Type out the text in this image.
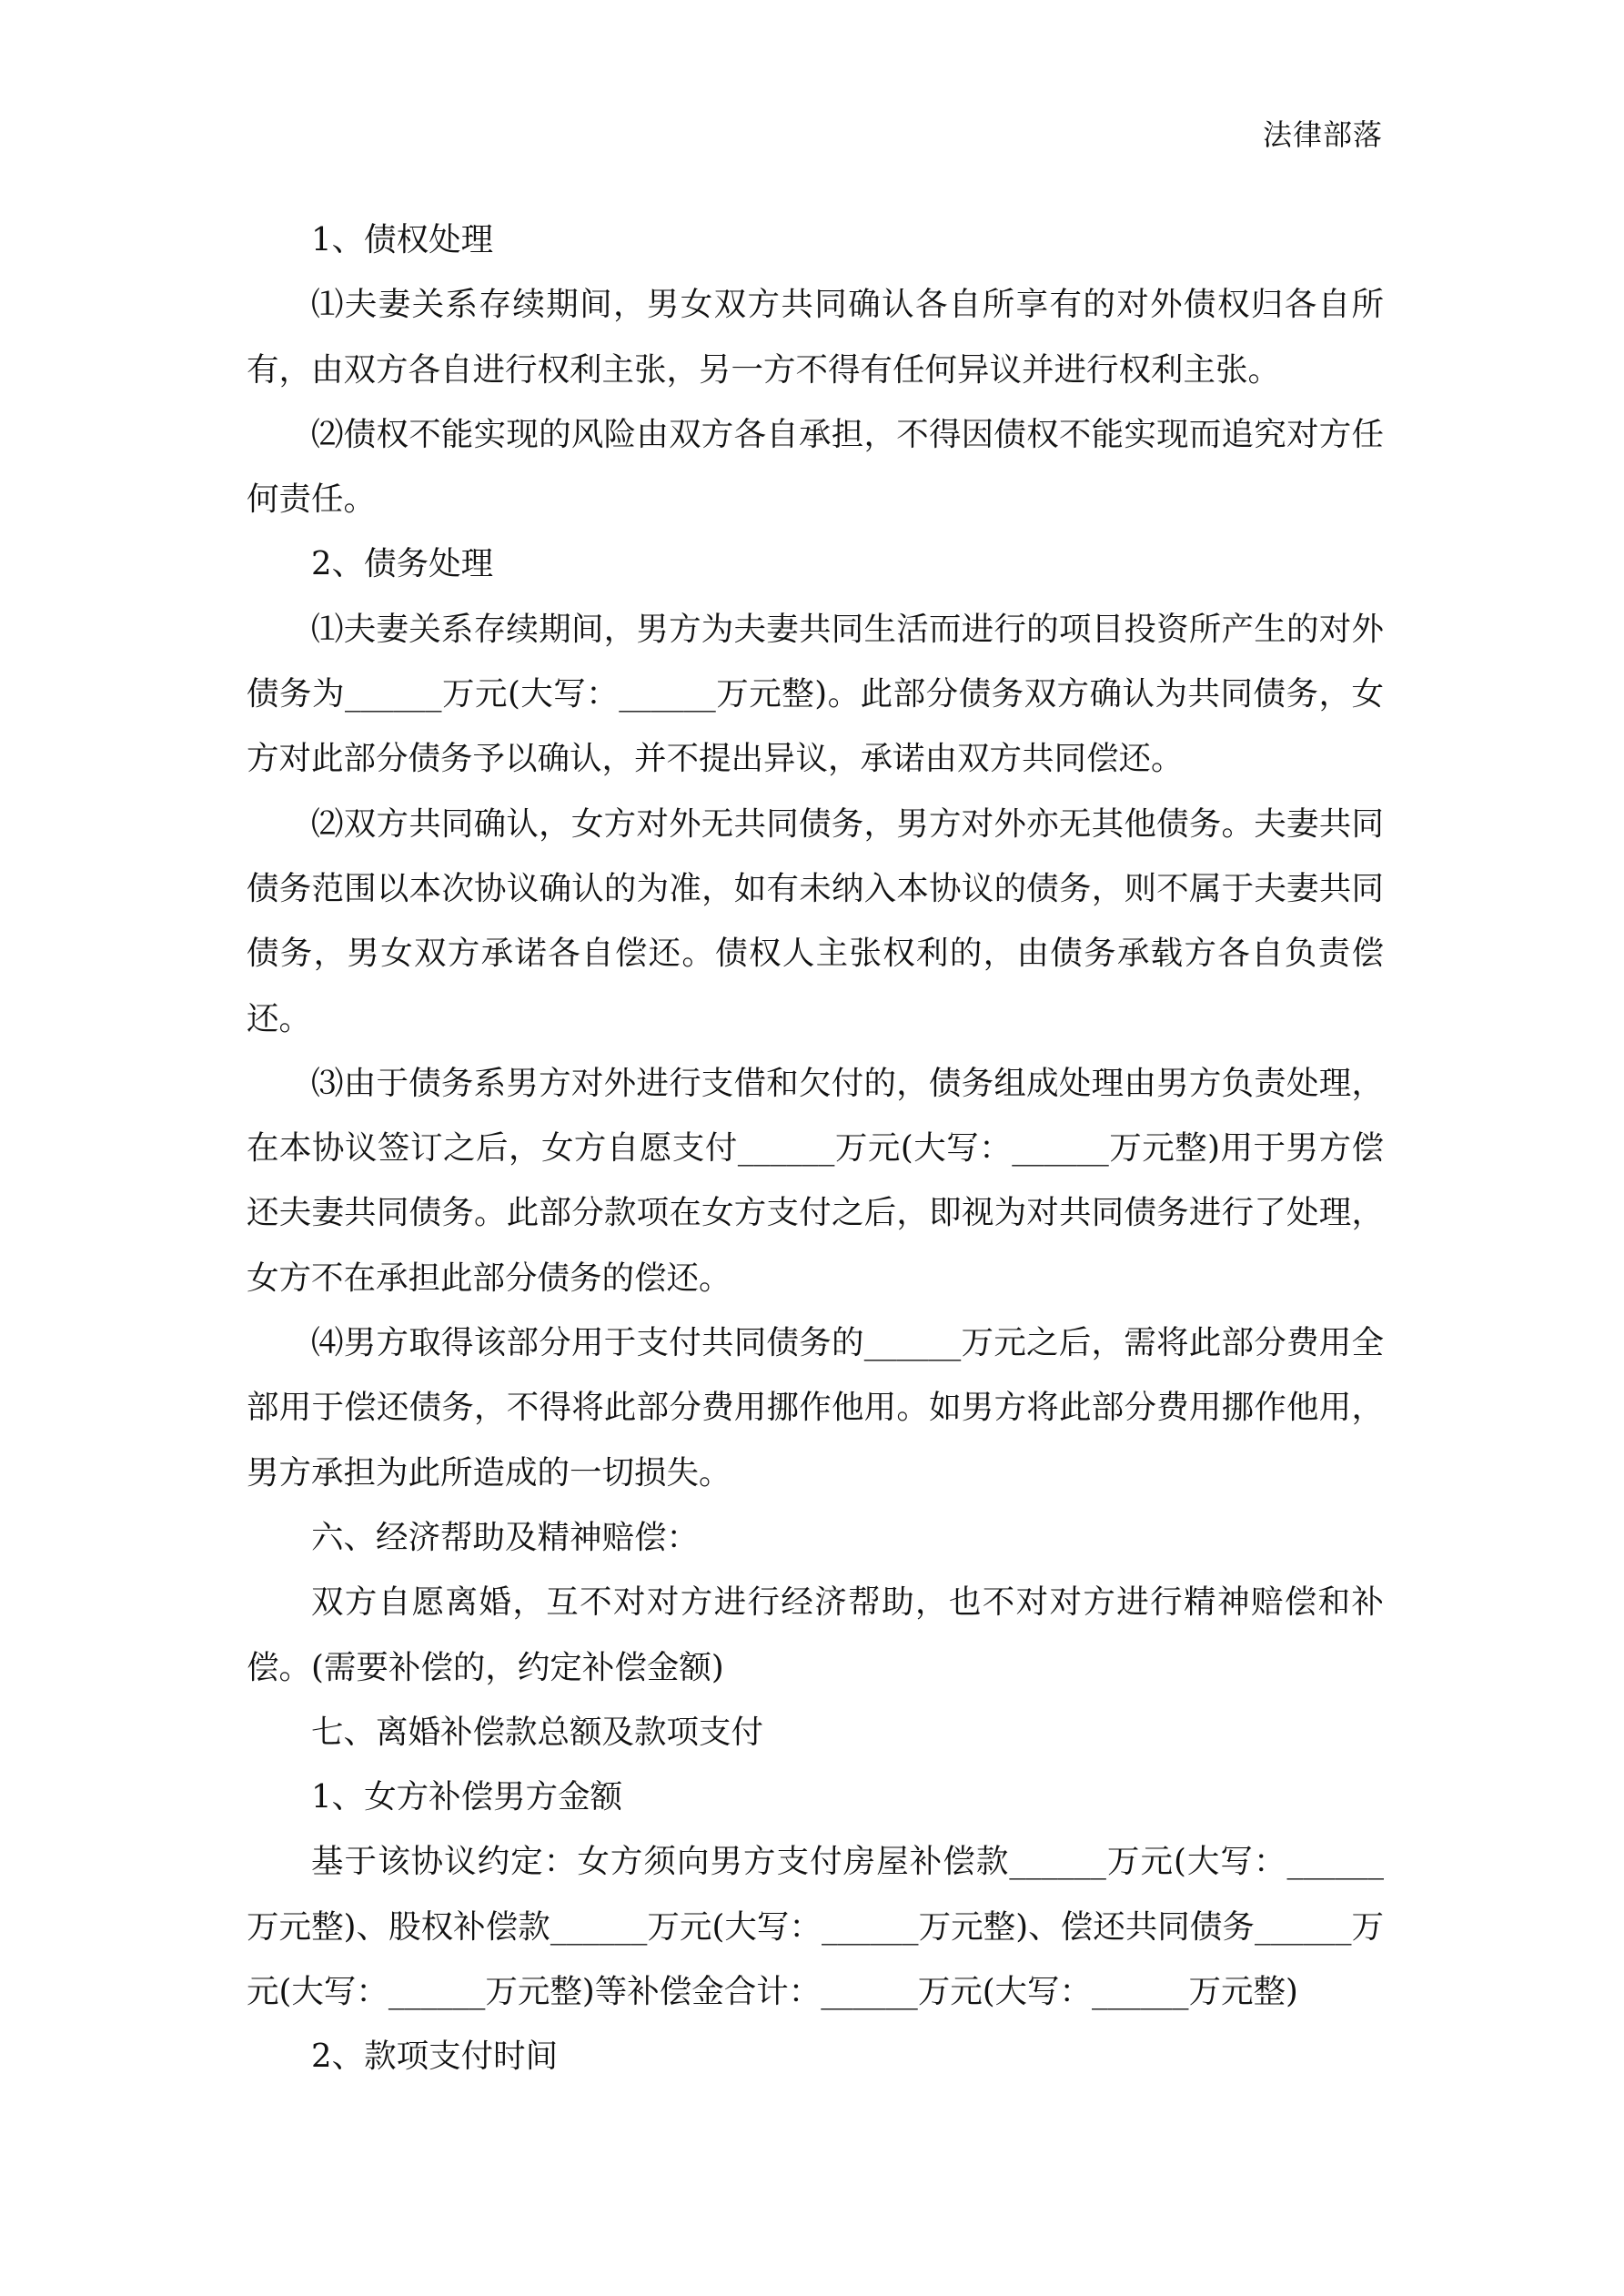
法律部落

1、债权处理

⑴夫妻关系存续期间，男女双方共同确认各自所享有的对外债权归各自所有，由双方各自进行权利主张，另一方不得有任何异议并进行权利主张。

⑵债权不能实现的风险由双方各自承担，不得因债权不能实现而追究对方任何责任。

2、债务处理

⑴夫妻关系存续期间，男方为夫妻共同生活而进行的项目投资所产生的对外债务为______万元(大写：______万元整)。此部分债务双方确认为共同债务，女方对此部分债务予以确认，并不提出异议，承诺由双方共同偿还。

⑵双方共同确认，女方对外无共同债务，男方对外亦无其他债务。夫妻共同债务范围以本次协议确认的为准，如有未纳入本协议的债务，则不属于夫妻共同债务，男女双方承诺各自偿还。债权人主张权利的，由债务承载方各自负责偿还。

⑶由于债务系男方对外进行支借和欠付的，债务组成处理由男方负责处理，在本协议签订之后，女方自愿支付______万元(大写：______万元整)用于男方偿还夫妻共同债务。此部分款项在女方支付之后，即视为对共同债务进行了处理，女方不在承担此部分债务的偿还。

⑷男方取得该部分用于支付共同债务的______万元之后，需将此部分费用全部用于偿还债务，不得将此部分费用挪作他用。如男方将此部分费用挪作他用，男方承担为此所造成的一切损失。

六、经济帮助及精神赔偿：

双方自愿离婚，互不对对方进行经济帮助，也不对对方进行精神赔偿和补偿。(需要补偿的，约定补偿金额)

七、离婚补偿款总额及款项支付

1、女方补偿男方金额

基于该协议约定：女方须向男方支付房屋补偿款______万元(大写：______万元整)、股权补偿款______万元(大写：______万元整)、偿还共同债务______万元(大写：______万元整)等补偿金合计：______万元(大写：______万元整)

2、款项支付时间
